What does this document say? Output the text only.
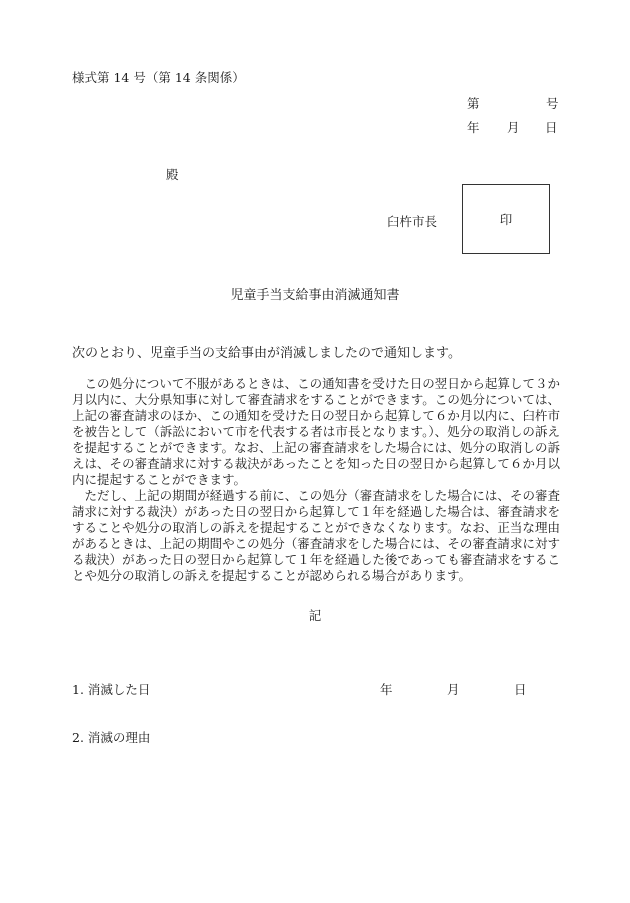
様式第 14 号（第 14 条関係）
第	号
年 月 日
殿
臼杵市長	印
児童手当支給事由消滅通知書
次のとおり、児童手当の支給事由が消滅しましたので通知します。

この処分について不服があるときは、この通知書を受けた日の翌日から起算して３か月以内に、大分県知事に対して審査請求をすることができます。この処分については、上記の審査請求のほか、この通知を受けた日の翌日から起算して６か月以内に、臼杵市を被告として（訴訟において市を代表する者は市長となります。）、処分の取消しの訴えを提起することができます。なお、上記の審査請求をした場合には、処分の取消しの訴えは、その審査請求に対する裁決があったことを知った日の翌日から起算して６か月以内に提起することができます。

ただし、上記の期間が経過する前に、この処分（審査請求をした場合には、その審査請求に対する裁決）があった日の翌日から起算して１年を経過した場合は、審査請求をすることや処分の取消しの訴えを提起することができなくなります。なお、正当な理由があるときは、上記の期間やこの処分（審査請求をした場合には、その審査請求に対する裁決）があった日の翌日から起算して１年を経過した後であっても審査請求をすることや処分の取消しの訴えを提起することが認められる場合があります。

記
1. 消滅した日	年	月	日
2. 消滅の理由
